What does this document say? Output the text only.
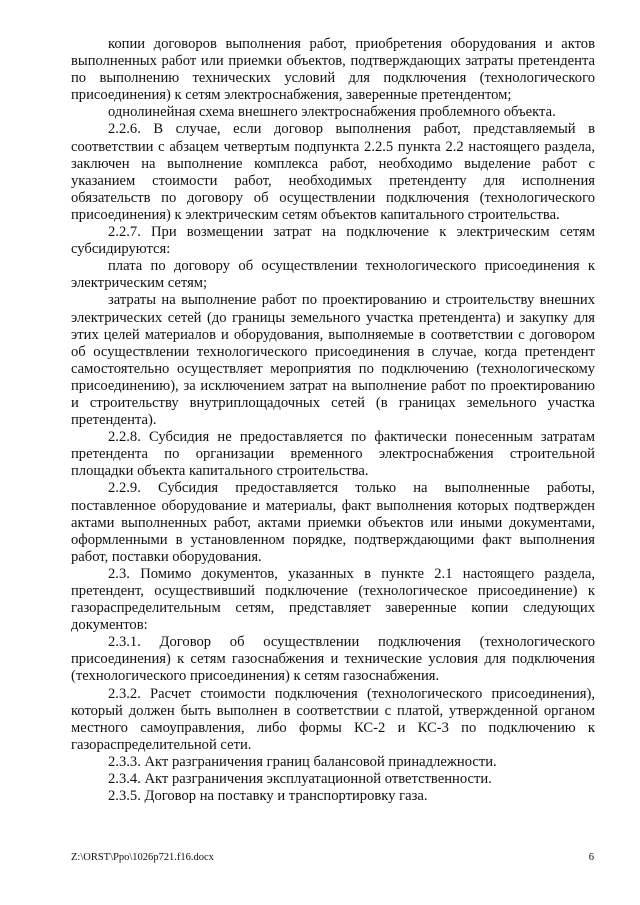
копии договоров выполнения работ, приобретения оборудования и актов выполненных работ или приемки объектов, подтверждающих затраты претендента по выполнению технических условий для подключения (технологического присоединения) к сетям электроснабжения, заверенные претендентом;

однолинейная схема внешнего электроснабжения проблемного объекта.

2.2.6. В случае, если договор выполнения работ, представляемый в соответствии с абзацем четвертым подпункта 2.2.5 пункта 2.2 настоящего раздела, заключен на выполнение комплекса работ, необходимо выделение работ с указанием стоимости работ, необходимых претенденту для исполнения обязательств по договору об осуществлении подключения (технологического присоединения) к электрическим сетям объектов капитального строительства.

2.2.7. При возмещении затрат на подключение к электрическим сетям субсидируются:

плата по договору об осуществлении технологического присоединения к электрическим сетям;

затраты на выполнение работ по проектированию и строительству внешних электрических сетей (до границы земельного участка претендента) и закупку для этих целей материалов и оборудования, выполняемые в соответствии с договором об осуществлении технологического присоединения в случае, когда претендент самостоятельно осуществляет мероприятия по подключению (технологическому присоединению), за исключением затрат на выполнение работ по проектированию и строительству внутриплощадочных сетей (в границах земельного участка претендента).

2.2.8. Субсидия не предоставляется по фактически понесенным затратам претендента по организации временного электроснабжения строительной площадки объекта капитального строительства.

2.2.9. Субсидия предоставляется только на выполненные работы, поставленное оборудование и материалы, факт выполнения которых подтвержден актами выполненных работ, актами приемки объектов или иными документами, оформленными в установленном порядке, подтверждающими факт выполнения работ, поставки оборудования.

2.3. Помимо документов, указанных в пункте 2.1 настоящего раздела, претендент, осуществивший подключение (технологическое присоединение) к газораспределительным сетям, представляет заверенные копии следующих документов:

2.3.1. Договор об осуществлении подключения (технологического присоединения) к сетям газоснабжения и технические условия для подключения (технологического присоединения) к сетям газоснабжения.

2.3.2. Расчет стоимости подключения (технологического присоединения), который должен быть выполнен в соответствии с платой, утвержденной органом местного самоуправления, либо формы КС-2 и КС-3 по подключению к газораспределительной сети.

2.3.3. Акт разграничения границ балансовой принадлежности.

2.3.4. Акт разграничения эксплуатационной ответственности.

2.3.5. Договор на поставку и транспортировку газа.

Z:\ORST\Ppo\1026p721.f16.docx	6
